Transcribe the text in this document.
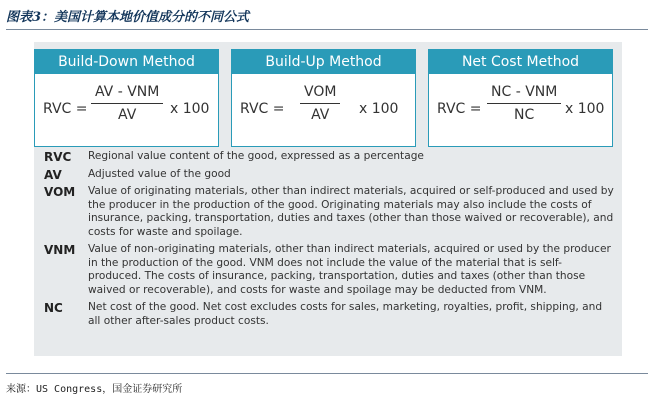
图表3：美国计算本地价值成分的不同公式
Build-Down Method
RVC =
AV - VNM
AV	x 100
Build-Up Method
RVC =
VOM
AV	x 100
Net Cost Method
RVC =
NC - VNM
NC	x 100
RVC Regional value content of the good, expressed as a percentage
AV Adjusted value of the good
VOM Value of originating materials, other than indirect materials, acquired or self-produced and used by the producer in the production of the good. Originating materials may also include the costs of insurance, packing, transportation, duties and taxes (other than those waived or recoverable), and costs for waste and spoilage.
VNM Value of non-originating materials, other than indirect materials, acquired or used by the producer in the production of the good. VNM does not include the value of the material that is self-produced. The costs of insurance, packing, transportation, duties and taxes (other than those waived or recoverable), and costs for waste and spoilage may be deducted from VNM.
NC Net cost of the good. Net cost excludes costs for sales, marketing, royalties, profit, shipping, and all other after-sales product costs.
来源：US Congress，国金证券研究所
